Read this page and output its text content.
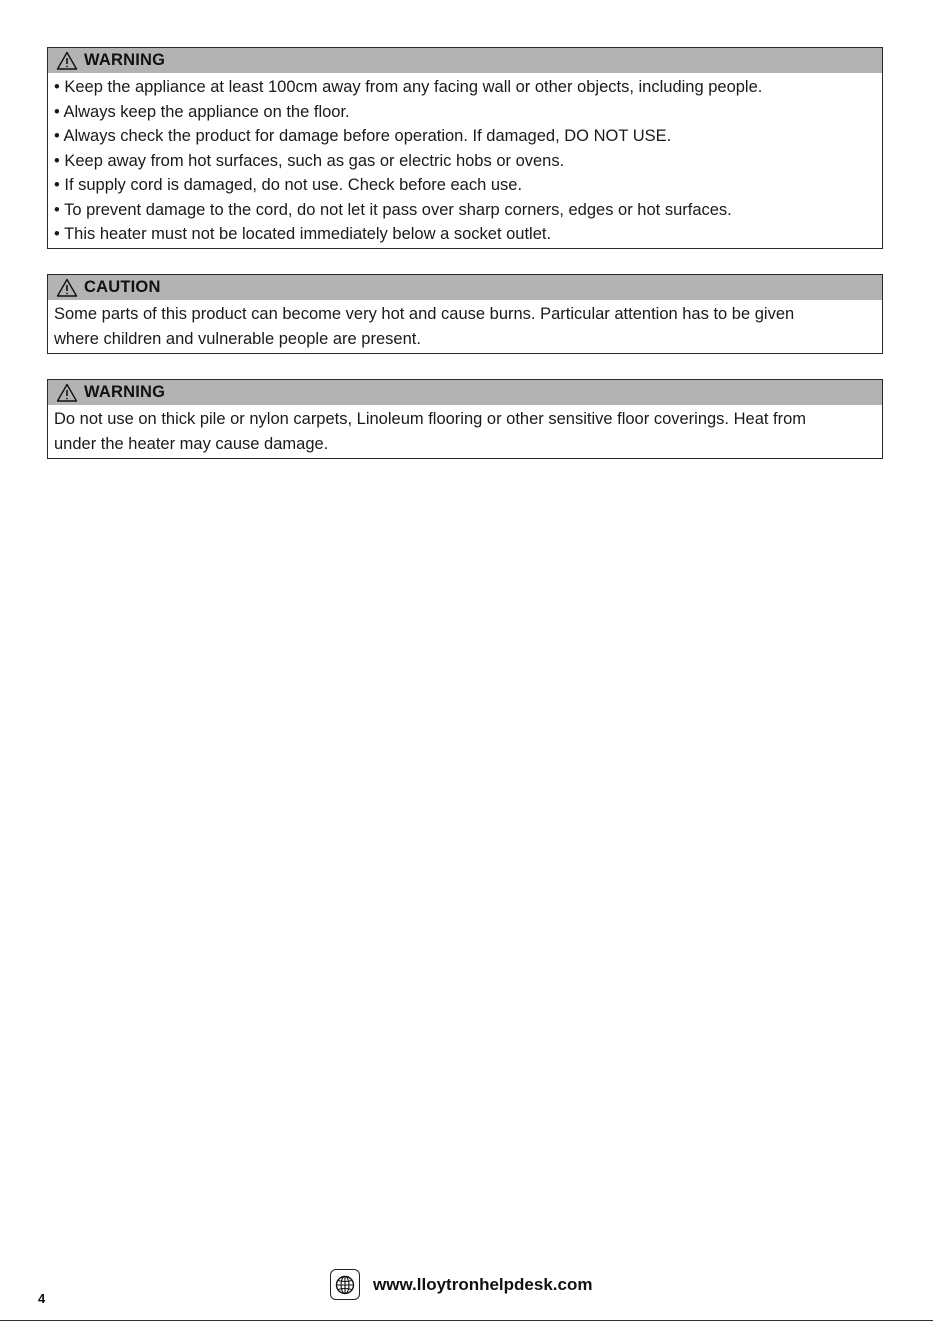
WARNING
• Keep the appliance at least 100cm away from any facing wall or other objects, including people.
• Always keep the appliance on the floor.
• Always check the product for damage before operation. If damaged, DO NOT USE.
• Keep away from hot surfaces, such as gas or electric hobs or ovens.
• If supply cord is damaged, do not use. Check before each use.
• To prevent damage to the cord, do not let it pass over sharp corners, edges or hot surfaces.
• This heater must not be located immediately below a socket outlet.
CAUTION
Some parts of this product can become very hot and cause burns. Particular attention has to be given
where children and vulnerable people are present.
WARNING
Do not use on thick pile or nylon carpets, Linoleum flooring or other sensitive floor coverings. Heat from
under the heater may cause damage.
www.lloytronhelpdesk.com
4
